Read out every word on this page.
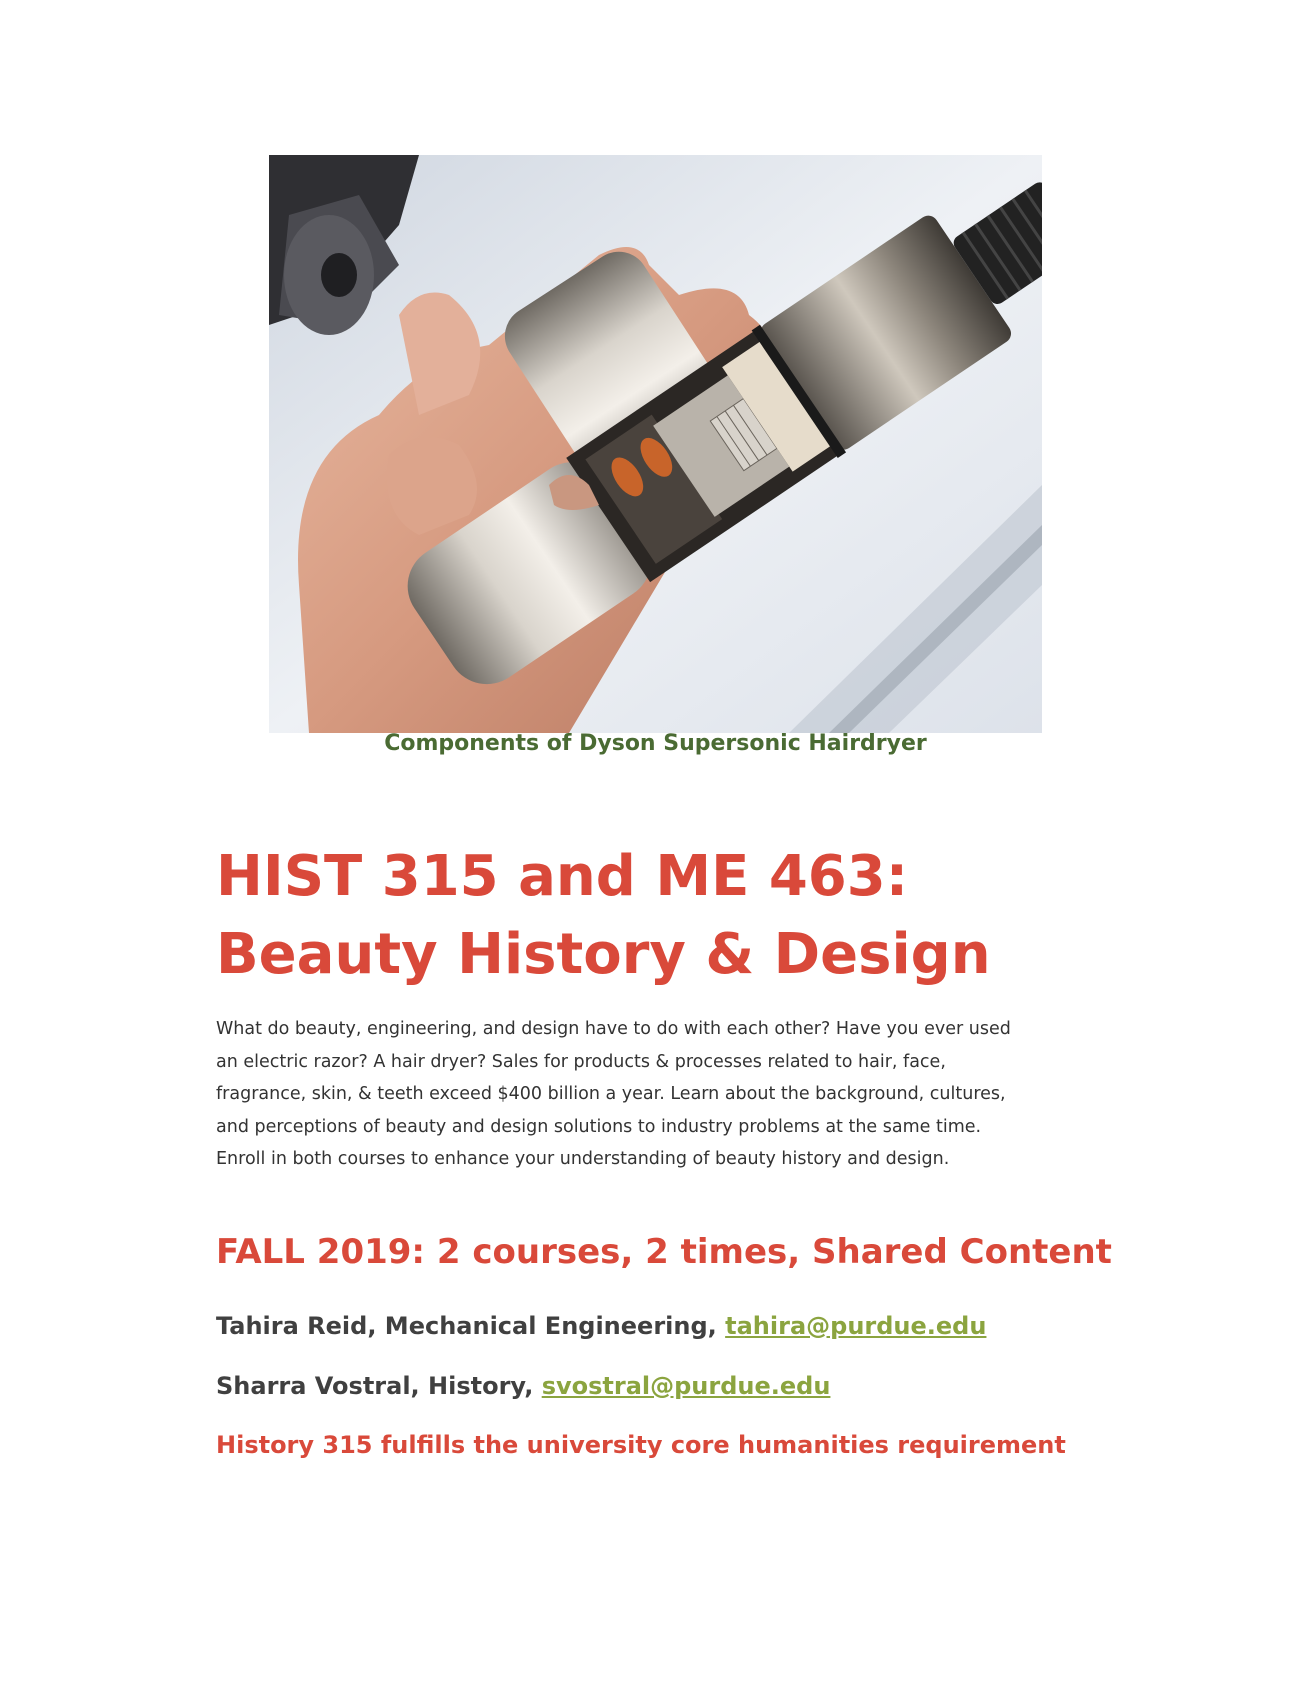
Components of Dyson Supersonic Hairdryer
HIST 315 and ME 463:
Beauty History & Design

What do beauty, engineering, and design have to do with each other? Have you ever used
an electric razor? A hair dryer? Sales for products & processes related to hair, face,
fragrance, skin, & teeth exceed $400 billion a year. Learn about the background, cultures,
and perceptions of beauty and design solutions to industry problems at the same time.
Enroll in both courses to enhance your understanding of beauty history and design.

FALL 2019: 2 courses, 2 times, Shared Content
Tahira Reid, Mechanical Engineering, tahira@purdue.edu
Sharra Vostral, History, svostral@purdue.edu
History 315 fulfills the university core humanities requirement
